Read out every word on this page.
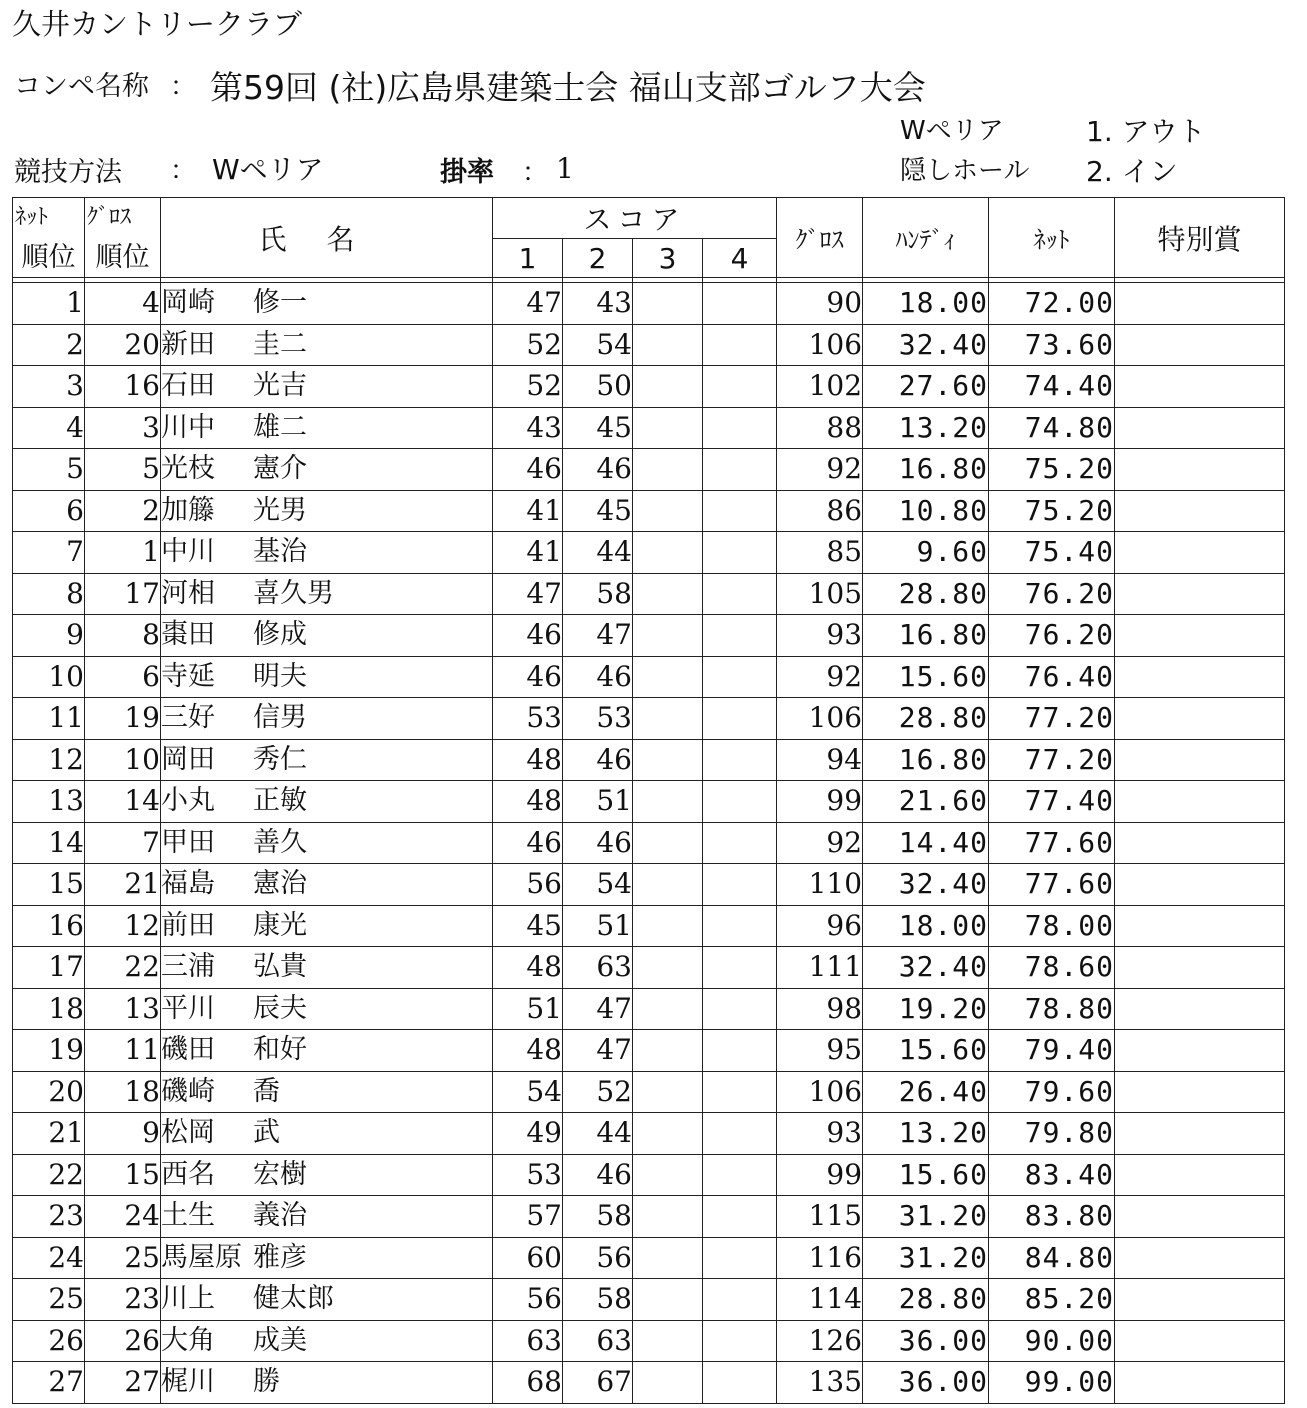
久井カントリークラブ
コンペ名称 ： 第59回 (社)広島県建築士会 福山支部ゴルフ大会
Wペリア	1. アウト
競技方法 ： Wペリア	掛率 ： 1	隠しホール 2. イン
ﾈｯﾄ	ｸﾞﾛｽ	氏名	スコア				ｸﾞﾛｽ	ﾊﾝﾃﾞｨ	ﾈｯﾄ	特別賞
順位	順位		1	2	3	4				

1	4	岡崎 修一	47	43			90	18.00	72.00	
2	20	新田 圭二	52	54			106	32.40	73.60	
3	16	石田 光吉	52	50			102	27.60	74.40	
4	3	川中 雄二	43	45			88	13.20	74.80	
5	5	光枝 憲介	46	46			92	16.80	75.20	
6	2	加籐 光男	41	45			86	10.80	75.20	
7	1	中川 基治	41	44			85	9.60	75.40	
8	17	河相 喜久男	47	58			105	28.80	76.20	
9	8	棗田 修成	46	47			93	16.80	76.20	
10	6	寺延 明夫	46	46			92	15.60	76.40	
11	19	三好 信男	53	53			106	28.80	77.20	
12	10	岡田 秀仁	48	46			94	16.80	77.20	
13	14	小丸 正敏	48	51			99	21.60	77.40	
14	7	甲田 善久	46	46			92	14.40	77.60	
15	21	福島 憲治	56	54			110	32.40	77.60	
16	12	前田 康光	45	51			96	18.00	78.00	
17	22	三浦 弘貴	48	63			111	32.40	78.60	
18	13	平川 辰夫	51	47			98	19.20	78.80	
19	11	磯田 和好	48	47			95	15.60	79.40	
20	18	磯崎 喬	54	52			106	26.40	79.60	
21	9	松岡 武	49	44			93	13.20	79.80	
22	15	西名 宏樹	53	46			99	15.60	83.40	
23	24	土生 義治	57	58			115	31.20	83.80	
24	25	馬屋原 雅彦	60	56			116	31.20	84.80	
25	23	川上 健太郎	56	58			114	28.80	85.20	
26	26	大角 成美	63	63			126	36.00	90.00	
27	27	梶川 勝	68	67			135	36.00	99.00	
